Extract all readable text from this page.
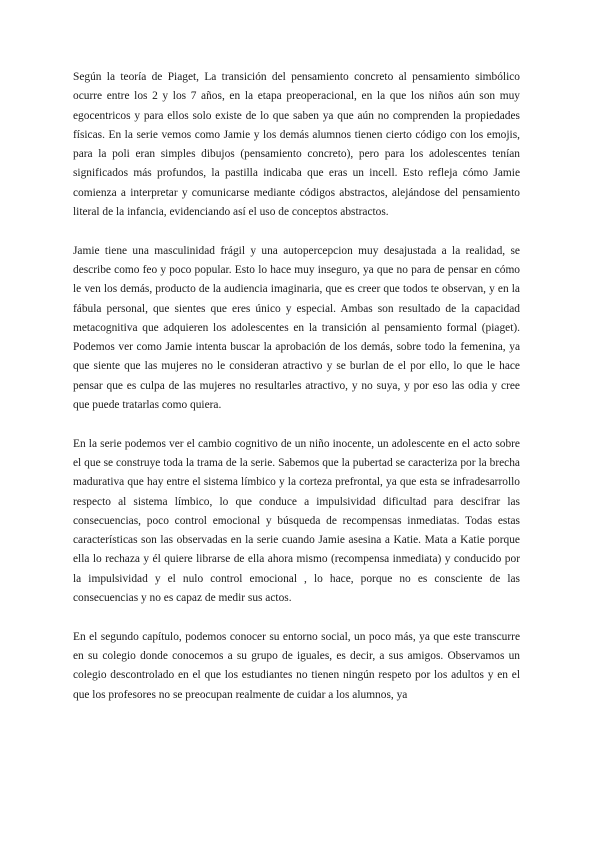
Según la teoría de Piaget, La transición del pensamiento concreto al pensamiento simbólico ocurre entre los 2 y los 7 años, en la etapa preoperacional, en la que los niños aún son muy egocentricos y para ellos solo existe de lo que saben ya que aún no comprenden la propiedades físicas. En la serie vemos como Jamie y los demás alumnos tienen cierto código con los emojis, para la poli eran simples dibujos (pensamiento concreto), pero para los adolescentes tenían significados más profundos, la pastilla indicaba que eras un incell. Esto refleja cómo Jamie comienza a interpretar y comunicarse mediante códigos abstractos, alejándose del pensamiento literal de la infancia, evidenciando así el uso de conceptos abstractos.

Jamie tiene una masculinidad frágil y una autopercepcion muy desajustada a la realidad, se describe como feo y poco popular. Esto lo hace muy inseguro, ya que no para de pensar en cómo le ven los demás, producto de la audiencia imaginaria, que es creer que todos te observan, y en la fábula personal, que sientes que eres único y especial. Ambas son resultado de la capacidad metacognitiva que adquieren los adolescentes en la transición al pensamiento formal (piaget). Podemos ver como Jamie intenta buscar la aprobación de los demás, sobre todo la femenina, ya que siente que las mujeres no le consideran atractivo y se burlan de el por ello, lo que le hace pensar que es culpa de las mujeres no resultarles atractivo, y no suya, y por eso las odia y cree que puede tratarlas como quiera.

En la serie podemos ver el cambio cognitivo de un niño inocente, un adolescente en el acto sobre el que se construye toda la trama de la serie. Sabemos que la pubertad se caracteriza por la brecha madurativa que hay entre el sistema límbico y la corteza prefrontal, ya que esta se infradesarrollo respecto al sistema límbico, lo que conduce a impulsividad dificultad para descifrar las consecuencias, poco control emocional y búsqueda de recompensas inmediatas. Todas estas características son las observadas en la serie cuando Jamie asesina a Katie. Mata a Katie porque ella lo rechaza y él quiere librarse de ella ahora mismo (recompensa inmediata) y conducido por la impulsividad y el nulo control emocional , lo hace, porque no es consciente de las consecuencias y no es capaz de medir sus actos.

En el segundo capítulo, podemos conocer su entorno social, un poco más, ya que este transcurre en su colegio donde conocemos a su grupo de iguales, es decir, a sus amigos. Observamos un colegio descontrolado en el que los estudiantes no tienen ningún respeto por los adultos y en el que los profesores no se preocupan realmente de cuidar a los alumnos, ya
